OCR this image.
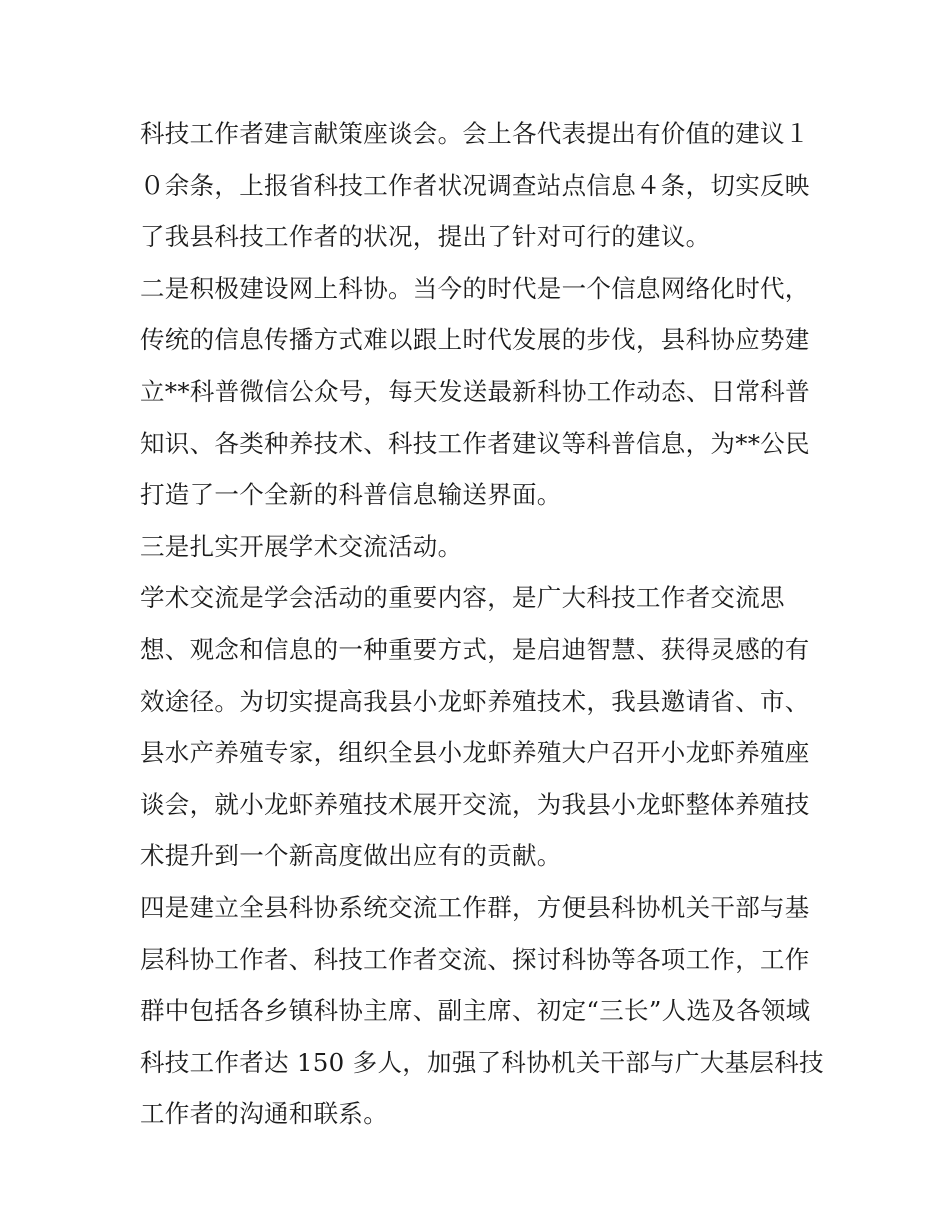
科技工作者建言献策座谈会。会上各代表提出有价值的建议１
０余条，上报省科技工作者状况调查站点信息４条，切实反映
了我县科技工作者的状况，提出了针对可行的建议。
二是积极建设网上科协。当今的时代是一个信息网络化时代，
传统的信息传播方式难以跟上时代发展的步伐，县科协应势建
立**科普微信公众号，每天发送最新科协工作动态、日常科普
知识、各类种养技术、科技工作者建议等科普信息，为**公民
打造了一个全新的科普信息输送界面。
三是扎实开展学术交流活动。
学术交流是学会活动的重要内容，是广大科技工作者交流思
想、观念和信息的一种重要方式，是启迪智慧、获得灵感的有
效途径。为切实提高我县小龙虾养殖技术，我县邀请省、市、
县水产养殖专家，组织全县小龙虾养殖大户召开小龙虾养殖座
谈会，就小龙虾养殖技术展开交流，为我县小龙虾整体养殖技
术提升到一个新高度做出应有的贡献。
四是建立全县科协系统交流工作群，方便县科协机关干部与基
层科协工作者、科技工作者交流、探讨科协等各项工作，工作
群中包括各乡镇科协主席、副主席、初定“三长”人选及各领域
科技工作者达 150 多人，加强了科协机关干部与广大基层科技
工作者的沟通和联系。
